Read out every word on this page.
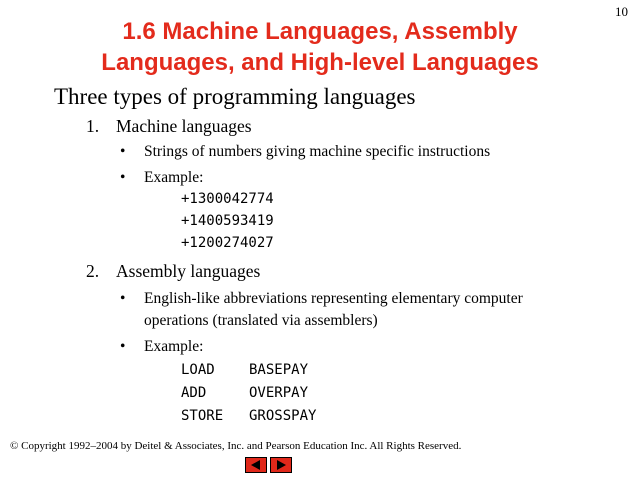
10
1.6 Machine Languages, Assembly
Languages, and High-level Languages

Three types of programming languages

1. Machine languages
• Strings of numbers giving machine specific instructions
• Example:
+1300042774
+1400593419
+1200274027
2. Assembly languages
• English-like abbreviations representing elementary computer
operations (translated via assemblers)
• Example:
LOAD BASEPAY
ADD	OVERPAY
STORE GROSSPAY
© Copyright 1992–2004 by Deitel & Associates, Inc. and Pearson Education Inc. All Rights Reserved.
